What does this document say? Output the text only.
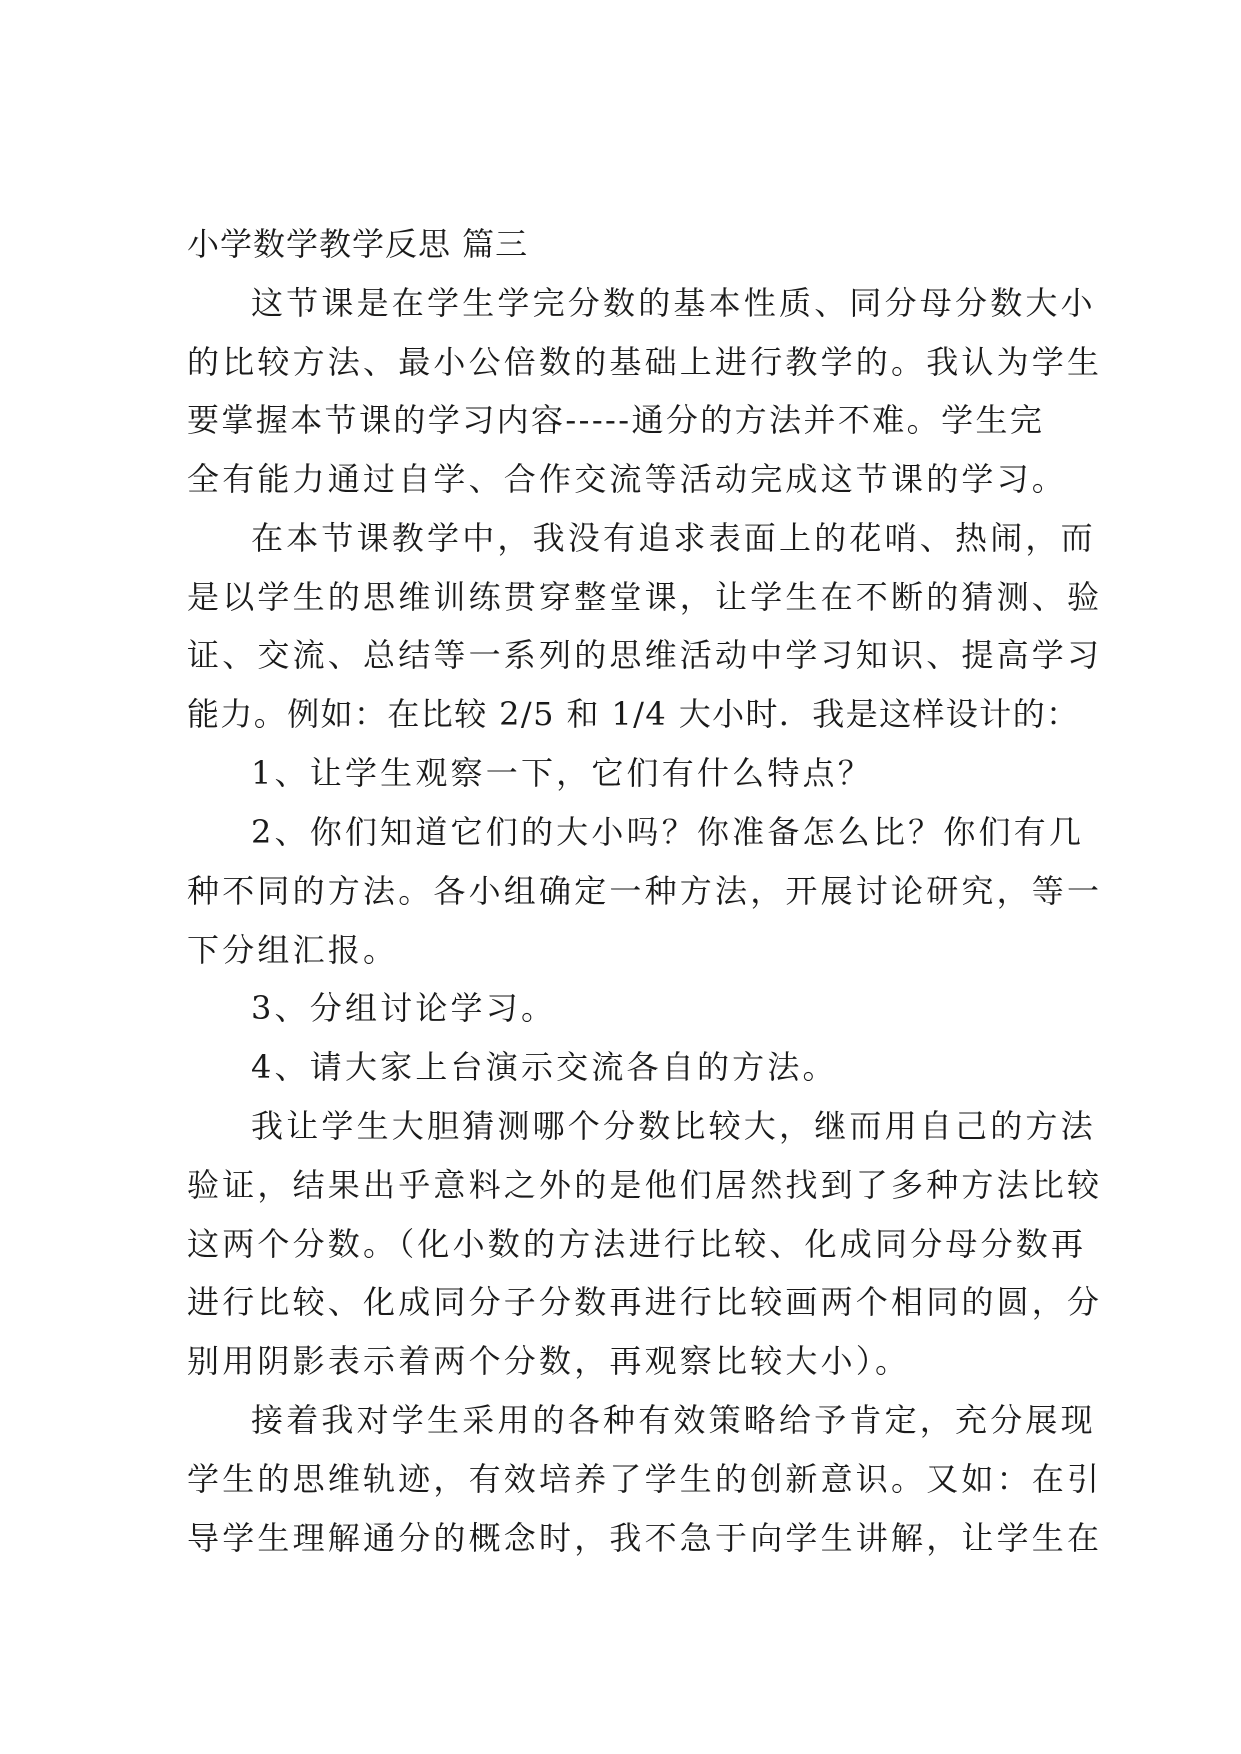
小学数学教学反思 篇三
这节课是在学生学完分数的基本性质、同分母分数大小
的比较方法、最小公倍数的基础上进行教学的。我认为学生
要掌握本节课的学习内容-----通分的方法并不难。学生完
全有能力通过自学、合作交流等活动完成这节课的学习。
在本节课教学中，我没有追求表面上的花哨、热闹，而
是以学生的思维训练贯穿整堂课，让学生在不断的猜测、验
证、交流、总结等一系列的思维活动中学习知识、提高学习
能力。例如：在比较 2/5 和 1/4 大小时．我是这样设计的：
1、让学生观察一下，它们有什么特点？
2、你们知道它们的大小吗？你准备怎么比？你们有几
种不同的方法。各小组确定一种方法，开展讨论研究，等一
下分组汇报。
3、分组讨论学习。
4、请大家上台演示交流各自的方法。
我让学生大胆猜测哪个分数比较大，继而用自己的方法
验证，结果出乎意料之外的是他们居然找到了多种方法比较
这两个分数。（化小数的方法进行比较、化成同分母分数再
进行比较、化成同分子分数再进行比较画两个相同的圆，分
别用阴影表示着两个分数，再观察比较大小）。
接着我对学生采用的各种有效策略给予肯定，充分展现
学生的思维轨迹，有效培养了学生的创新意识。又如：在引
导学生理解通分的概念时，我不急于向学生讲解，让学生在
